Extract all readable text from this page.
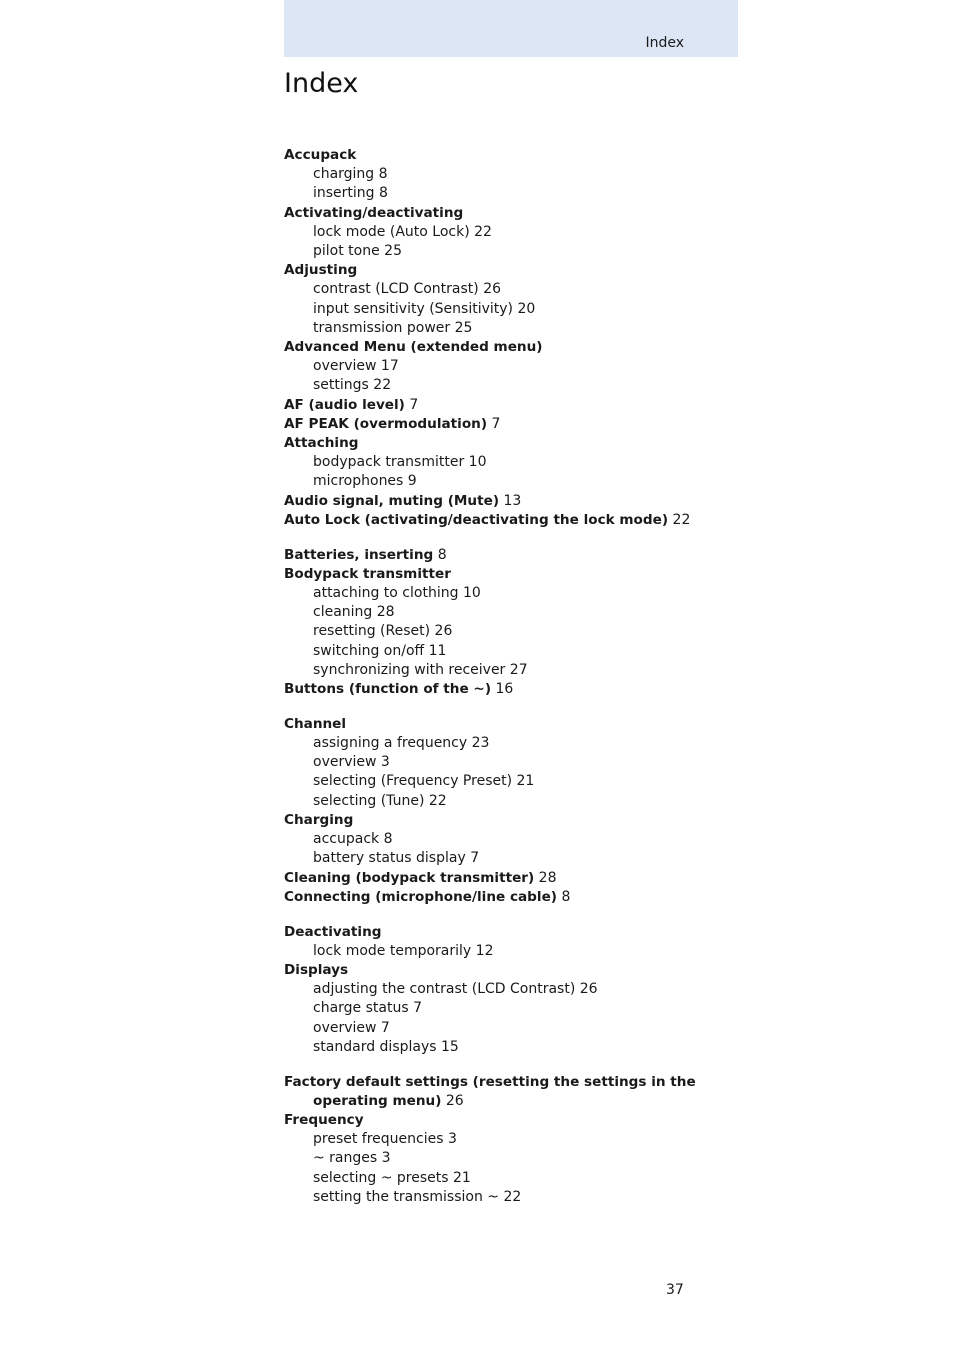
Index
Index
Accupack
charging 8
inserting 8
Activating/deactivating
lock mode (Auto Lock) 22
pilot tone 25
Adjusting
contrast (LCD Contrast) 26
input sensitivity (Sensitivity) 20
transmission power 25
Advanced Menu (extended menu)
overview 17
settings 22
AF (audio level) 7
AF PEAK (overmodulation) 7
Attaching
bodypack transmitter 10
microphones 9
Audio signal, muting (Mute) 13
Auto Lock (activating/deactivating the lock mode) 22
Batteries, inserting 8
Bodypack transmitter
attaching to clothing 10
cleaning 28
resetting (Reset) 26
switching on/off 11
synchronizing with receiver 27
Buttons (function of the ~) 16
Channel
assigning a frequency 23
overview 3
selecting (Frequency Preset) 21
selecting (Tune) 22
Charging
accupack 8
battery status display 7
Cleaning (bodypack transmitter) 28
Connecting (microphone/line cable) 8
Deactivating
lock mode temporarily 12
Displays
adjusting the contrast (LCD Contrast) 26
charge status 7
overview 7
standard displays 15
Factory default settings (resetting the settings in the
operating menu) 26
Frequency
preset frequencies 3
~ ranges 3
selecting ~ presets 21
setting the transmission ~ 22
37
